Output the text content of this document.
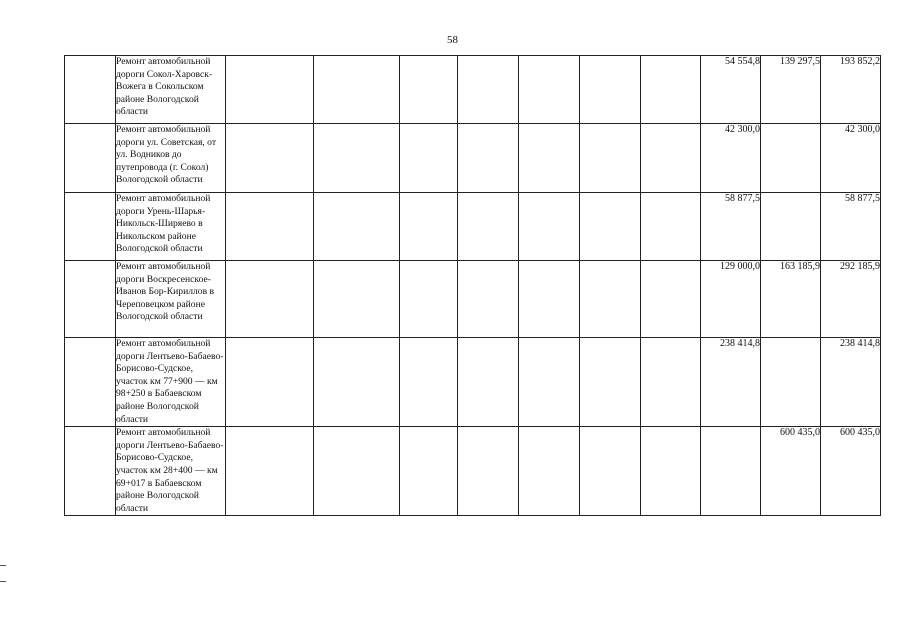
58
	Ремонт автомобильной дороги Сокол-Харовск- Вожега в Сокольском районе Вологодской области								54 554,8	139 297,5	193 852,2
	Ремонт автомобильной дороги ул. Советская, от ул. Водников до путепровода (г. Сокол) Вологодской области								42 300,0		42 300,0
	Ремонт автомобильной дороги Урень-Шарья-Никольск-Ширяево в Никольском районе Вологодской области								58 877,5		58 877,5
	Ремонт автомобильной дороги Воскресенское-Иванов Бор-Кириллов в Череповецком районе Вологодской области								129 000,0	163 185,9	292 185,9
	Ремонт автомобильной дороги Лентьево-Бабаево-Борисово-Судское, участок км 77+900 — км 98+250 в Бабаевском районе Вологодской области								238 414,8		238 414,8
	Ремонт автомобильной дороги Лентьево-Бабаево-Борисово-Судское, участок км 28+400 — км 69+017 в Бабаевском районе Вологодской области									600 435,0	600 435,0
